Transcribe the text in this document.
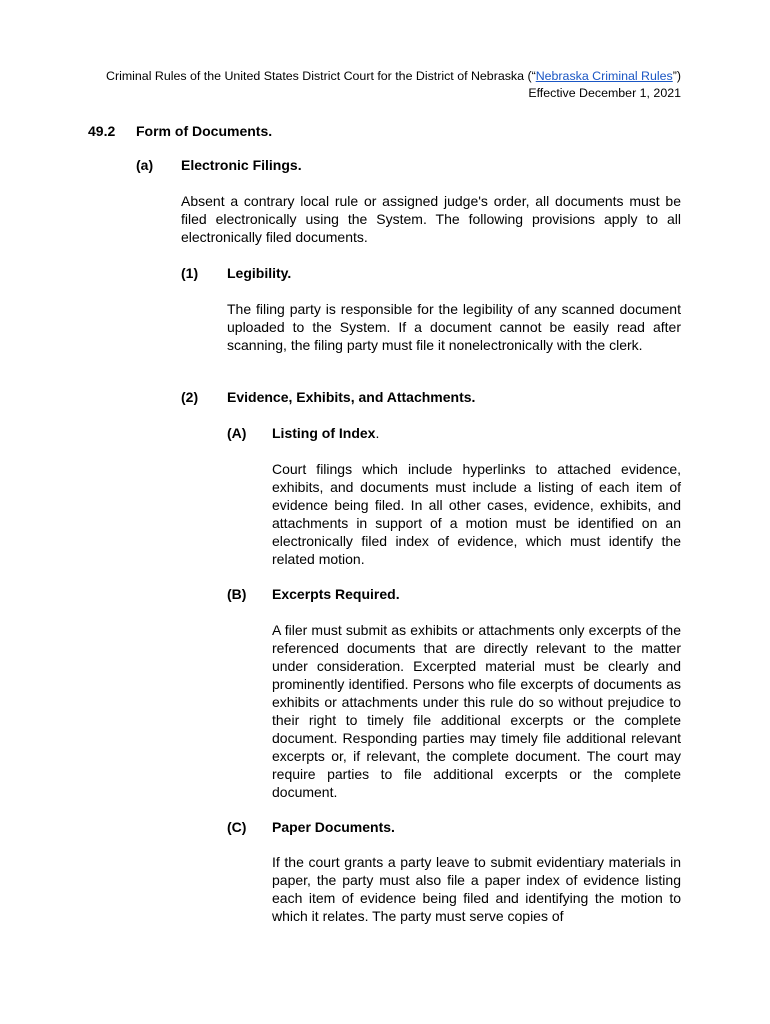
Criminal Rules of the United States District Court for the District of Nebraska (“Nebraska Criminal Rules”)
Effective December 1, 2021
49.2 Form of Documents.
(a) Electronic Filings.

Absent a contrary local rule or assigned judge's order, all documents must be filed electronically using the System. The following provisions apply to all electronically filed documents.

(1) Legibility.

The filing party is responsible for the legibility of any scanned document uploaded to the System. If a document cannot be easily read after scanning, the filing party must file it nonelectronically with the clerk.

(2) Evidence, Exhibits, and Attachments.
(A) Listing of Index.

Court filings which include hyperlinks to attached evidence, exhibits, and documents must include a listing of each item of evidence being filed. In all other cases, evidence, exhibits, and attachments in support of a motion must be identified on an electronically filed index of evidence, which must identify the related motion.

(B) Excerpts Required.

A filer must submit as exhibits or attachments only excerpts of the referenced documents that are directly relevant to the matter under consideration. Excerpted material must be clearly and prominently identified. Persons who file excerpts of documents as exhibits or attachments under this rule do so without prejudice to their right to timely file additional excerpts or the complete document. Responding parties may timely file additional relevant excerpts or, if relevant, the complete document. The court may require parties to file additional excerpts or the complete document.

(C) Paper Documents.

If the court grants a party leave to submit evidentiary materials in paper, the party must also file a paper index of evidence listing each item of evidence being filed and identifying the motion to which it relates. The party must serve copies of
